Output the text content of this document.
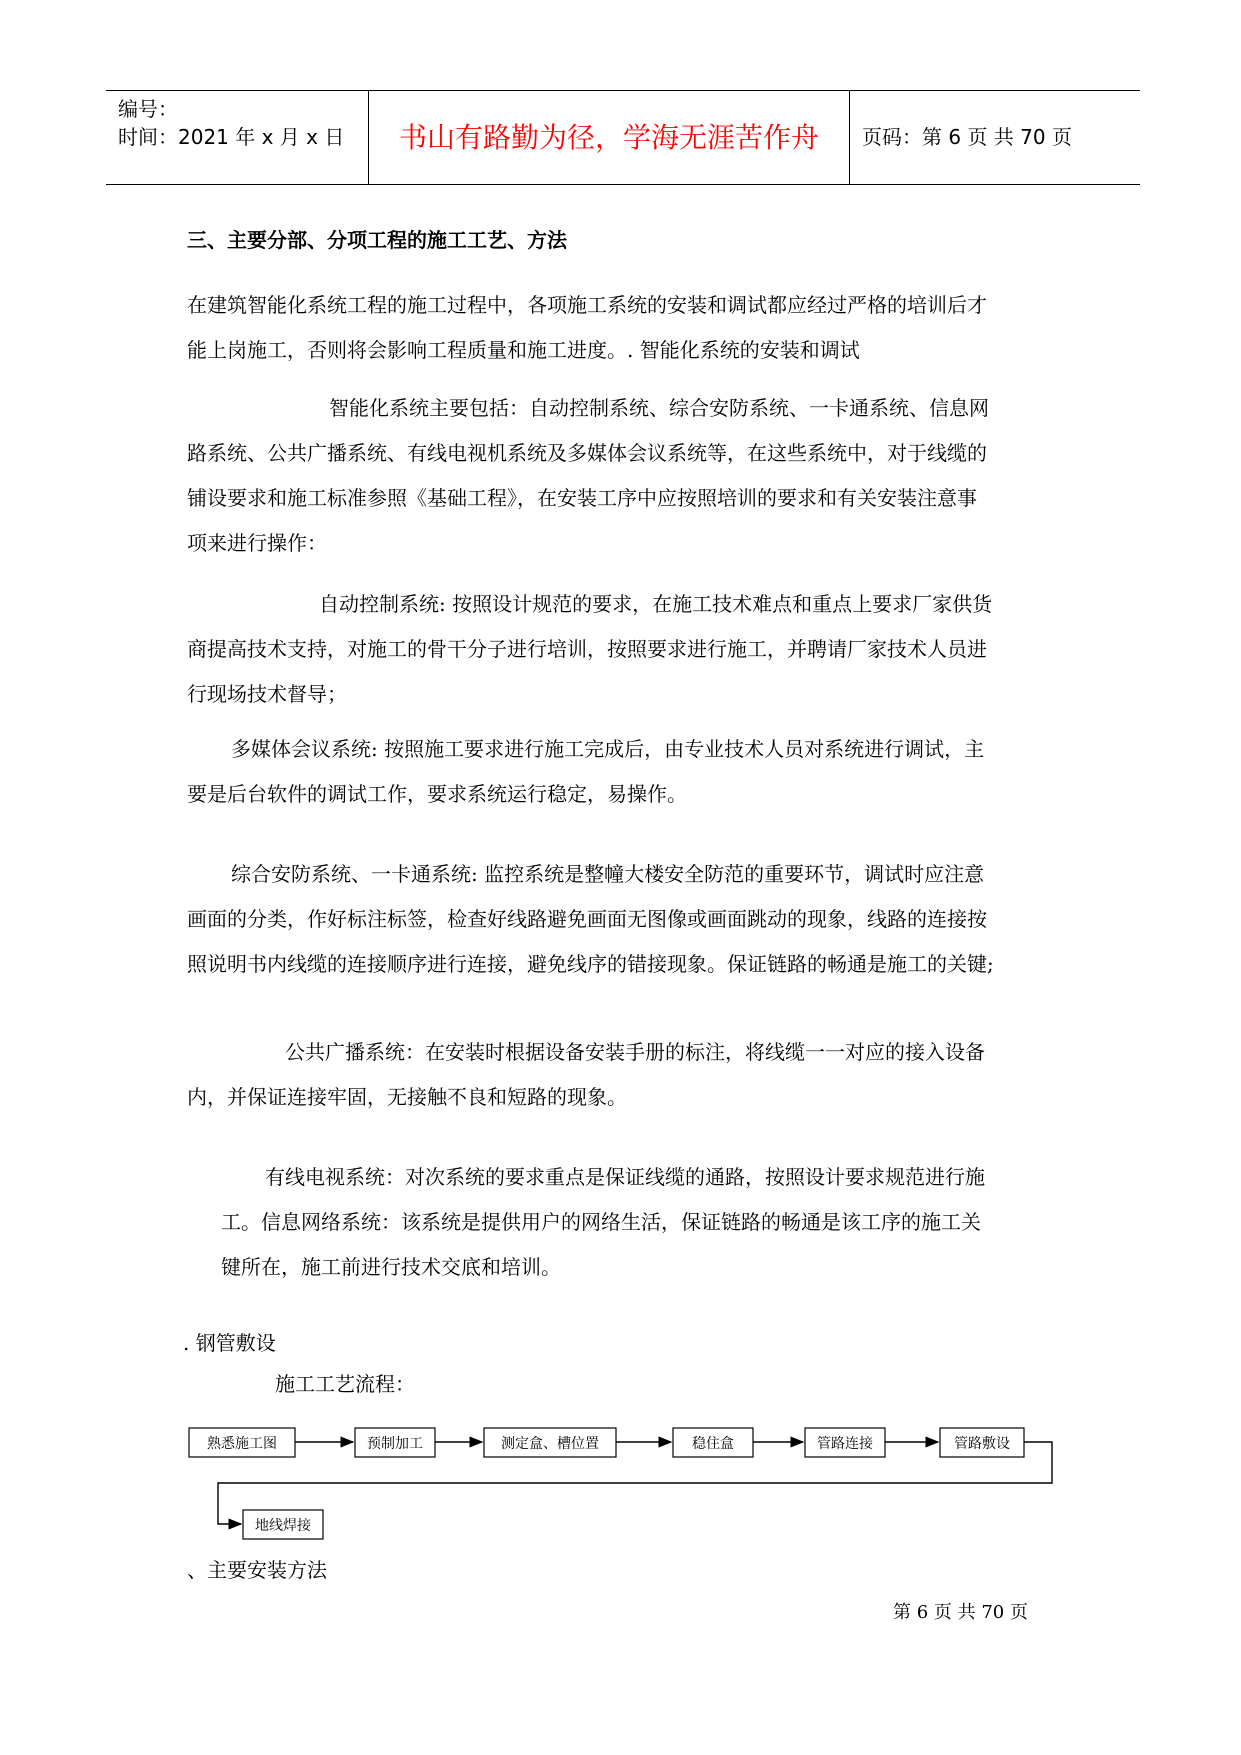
编号：
时间：2021 年 x 月 x 日	书山有路勤为径，学海无涯苦作舟	页码：第 6 页 共 70 页
三、主要分部、分项工程的施工工艺、方法
在建筑智能化系统工程的施工过程中，各项施工系统的安装和调试都应经过严格的培训后才
能上岗施工，否则将会影响工程质量和施工进度。. 智能化系统的安装和调试
智能化系统主要包括：自动控制系统、综合安防系统、一卡通系统、信息网
路系统、公共广播系统、有线电视机系统及多媒体会议系统等，在这些系统中，对于线缆的
铺设要求和施工标准参照《基础工程》，在安装工序中应按照培训的要求和有关安装注意事
项来进行操作：
自动控制系统: 按照设计规范的要求，在施工技术难点和重点上要求厂家供货
商提高技术支持，对施工的骨干分子进行培训，按照要求进行施工，并聘请厂家技术人员进
行现场技术督导；
多媒体会议系统: 按照施工要求进行施工完成后，由专业技术人员对系统进行调试，主
要是后台软件的调试工作，要求系统运行稳定，易操作。
综合安防系统、一卡通系统: 监控系统是整幢大楼安全防范的重要环节，调试时应注意
画面的分类，作好标注标签，检查好线路避免画面无图像或画面跳动的现象，线路的连接按
照说明书内线缆的连接顺序进行连接，避免线序的错接现象。保证链路的畅通是施工的关键;
公共广播系统：在安装时根据设备安装手册的标注，将线缆一一对应的接入设备
内，并保证连接牢固，无接触不良和短路的现象。
有线电视系统：对次系统的要求重点是保证线缆的通路，按照设计要求规范进行施
工。信息网络系统：该系统是提供用户的网络生活，保证链路的畅通是该工序的施工关
键所在，施工前进行技术交底和培训。
. 钢管敷设
施工工艺流程：
熟悉施工图	预制加工	测定盒、槽位置	稳住盒	管路连接	管路敷设
地线焊接
、主要安装方法
第 6 页 共 70 页
